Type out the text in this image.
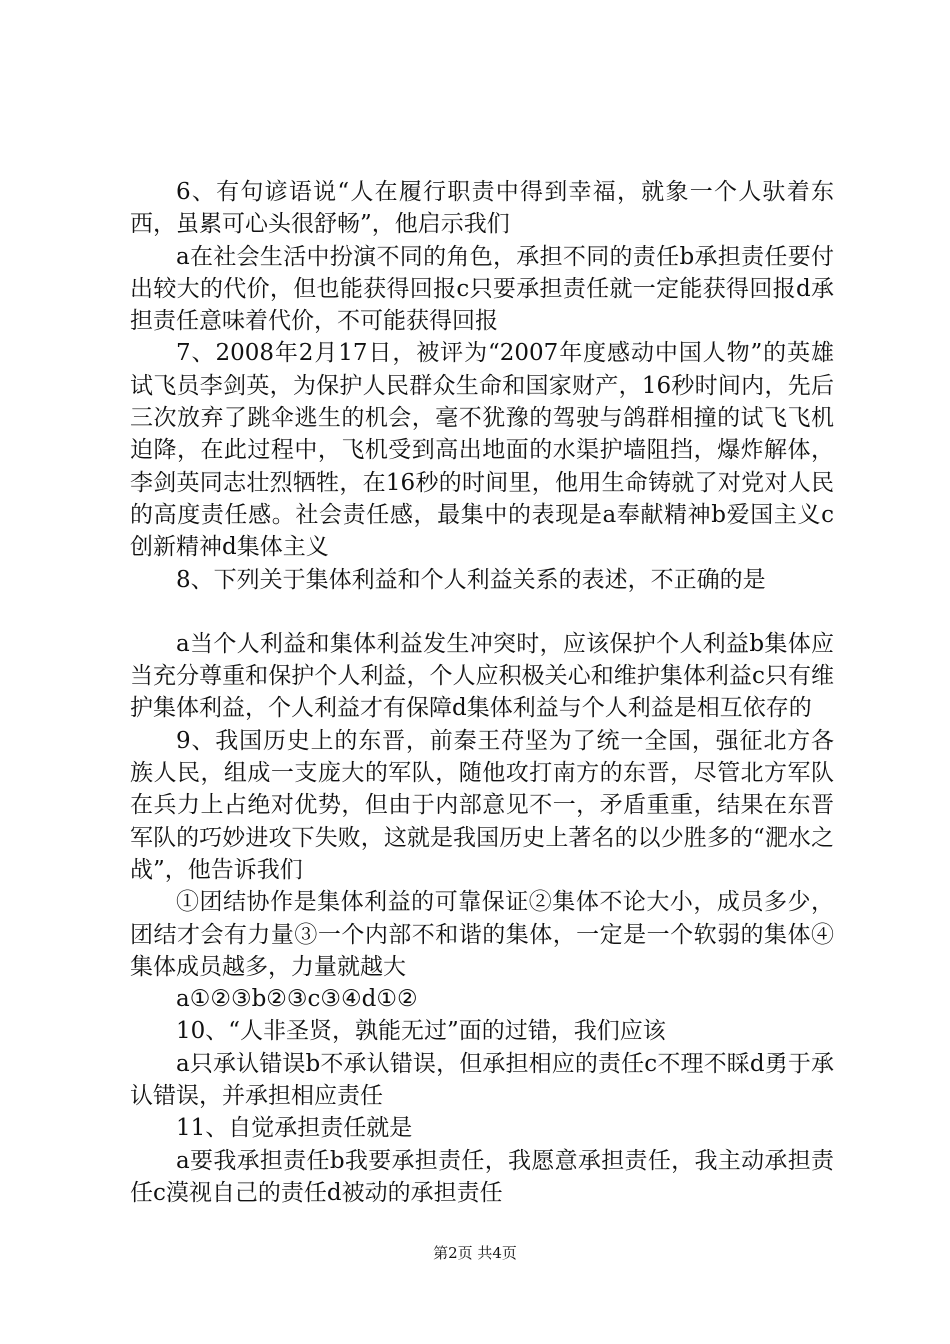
6、有句谚语说“人在履行职责中得到幸福，就象一个人驮着东西，虽累可心头很舒畅”，他启示我们

a在社会生活中扮演不同的角色，承担不同的责任b承担责任要付出较大的代价，但也能获得回报c只要承担责任就一定能获得回报d承担责任意味着代价，不可能获得回报

7、2008年2月17日，被评为“2007年度感动中国人物”的英雄试飞员李剑英，为保护人民群众生命和国家财产，16秒时间内，先后三次放弃了跳伞逃生的机会，毫不犹豫的驾驶与鸽群相撞的试飞飞机迫降，在此过程中，飞机受到高出地面的水渠护墙阻挡，爆炸解体，李剑英同志壮烈牺牲，在16秒的时间里，他用生命铸就了对党对人民的高度责任感。社会责任感，最集中的表现是a奉献精神b爱国主义c创新精神d集体主义

8、下列关于集体利益和个人利益关系的表述，不正确的是

a当个人利益和集体利益发生冲突时，应该保护个人利益b集体应当充分尊重和保护个人利益，个人应积极关心和维护集体利益c只有维护集体利益，个人利益才有保障d集体利益与个人利益是相互依存的

9、我国历史上的东晋，前秦王苻坚为了统一全国，强征北方各族人民，组成一支庞大的军队，随他攻打南方的东晋，尽管北方军队在兵力上占绝对优势，但由于内部意见不一，矛盾重重，结果在东晋军队的巧妙进攻下失败，这就是我国历史上著名的以少胜多的“淝水之战”，他告诉我们

①团结协作是集体利益的可靠保证②集体不论大小，成员多少，团结才会有力量③一个内部不和谐的集体，一定是一个软弱的集体④集体成员越多，力量就越大

a①②③b②③c③④d①②

10、“人非圣贤，孰能无过”面的过错，我们应该

a只承认错误b不承认错误，但承担相应的责任c不理不睬d勇于承认错误，并承担相应责任

11、自觉承担责任就是

a要我承担责任b我要承担责任，我愿意承担责任，我主动承担责任c漠视自己的责任d被动的承担责任

第2页 共4页
